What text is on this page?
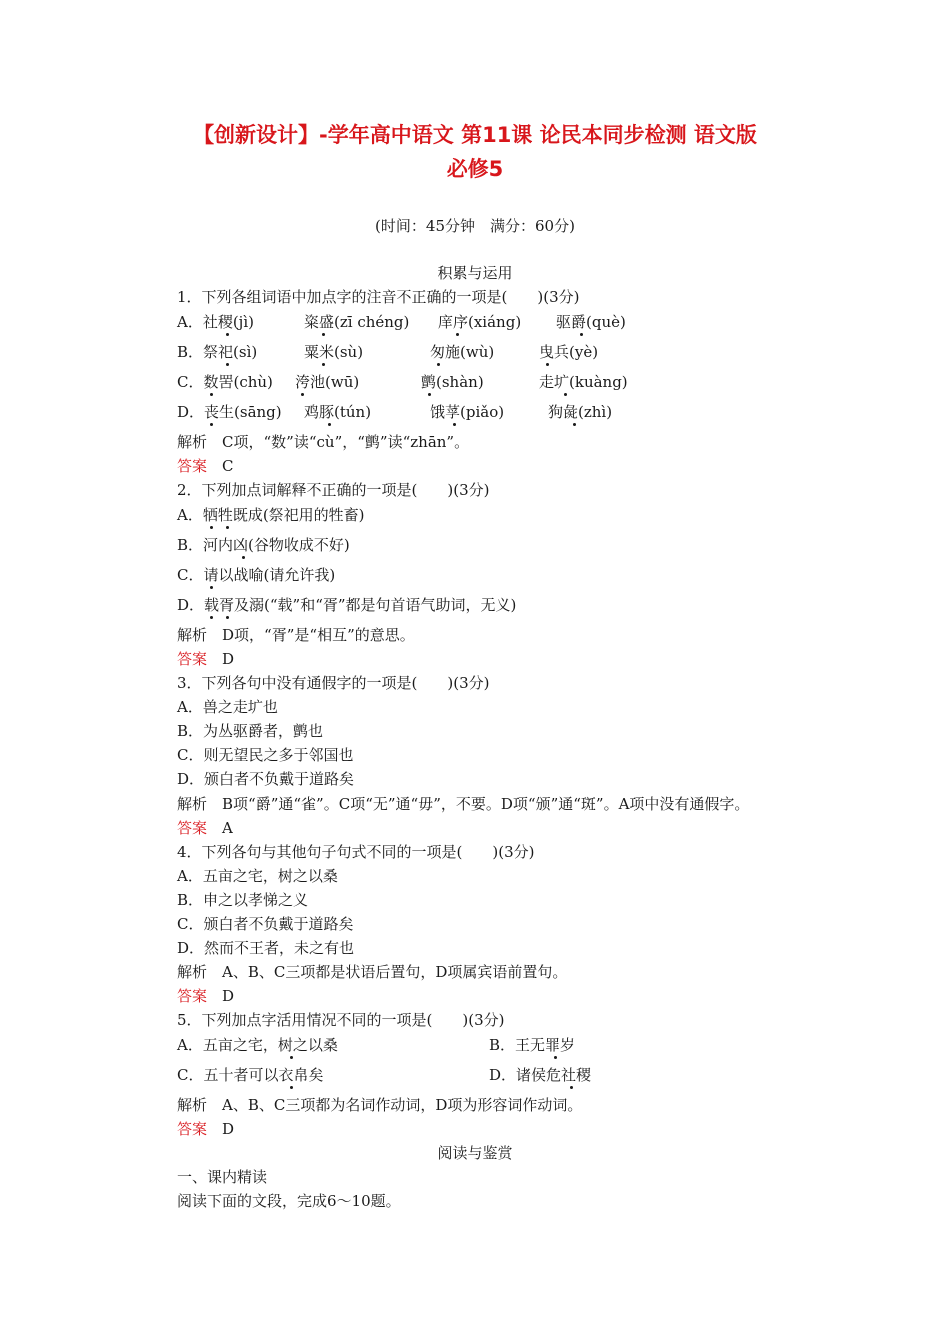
【创新设计】-学年高中语文 第11课 论民本同步检测 语文版
必修5
(时间：45分钟　满分：60分)
积累与运用
1．下列各组词语中加点字的注音不正确的一项是(　　)(3分)
A．社稷(jì)	粢盛(zī chéng) 庠序(xiáng) 驱爵(què)
B．祭祀(sì)	粟米(sù)	匆施(wù)	曳兵(yè)
C．数罟(chù) 洿池(wū)	鹯(shàn)	走圹(kuàng)
D．丧生(sāng) 鸡豚(tún)	饿莩(piǎo)	狗彘(zhì)
解析　 C项，“数”读“cù”，“鹯”读“zhān”。
答案　 C
2．下列加点词解释不正确的一项是(　　)(3分)
A．牺牲既成(祭祀用的牲畜)
B．河内凶(谷物收成不好)
C．请以战喻(请允许我)
D．载胥及溺(“载”和“胥”都是句首语气助词，无义)
解析　 D项，“胥”是“相互”的意思。
答案　 D
3．下列各句中没有通假字的一项是(　　)(3分)
A．兽之走圹也
B．为丛驱爵者，鹯也
C．则无望民之多于邻国也
D．颁白者不负戴于道路矣
解析　 B项“爵”通“雀”。C项“无”通“毋”，不要。D项“颁”通“斑”。A项中没有通假字。
答案　 A
4．下列各句与其他句子句式不同的一项是(　　)(3分)
A．五亩之宅，树之以桑
B．申之以孝悌之义
C．颁白者不负戴于道路矣
D．然而不王者，未之有也
解析　 A、B、C三项都是状语后置句，D项属宾语前置句。
答案　 D
5．下列加点字活用情况不同的一项是(　　)(3分)
A．五亩之宅，树之以桑	B．王无罪岁
C．五十者可以衣帛矣	D．诸侯危社稷
解析　 A、B、C三项都为名词作动词，D项为形容词作动词。
答案　 D
阅读与鉴赏
一、课内精读
阅读下面的文段，完成6～10题。
